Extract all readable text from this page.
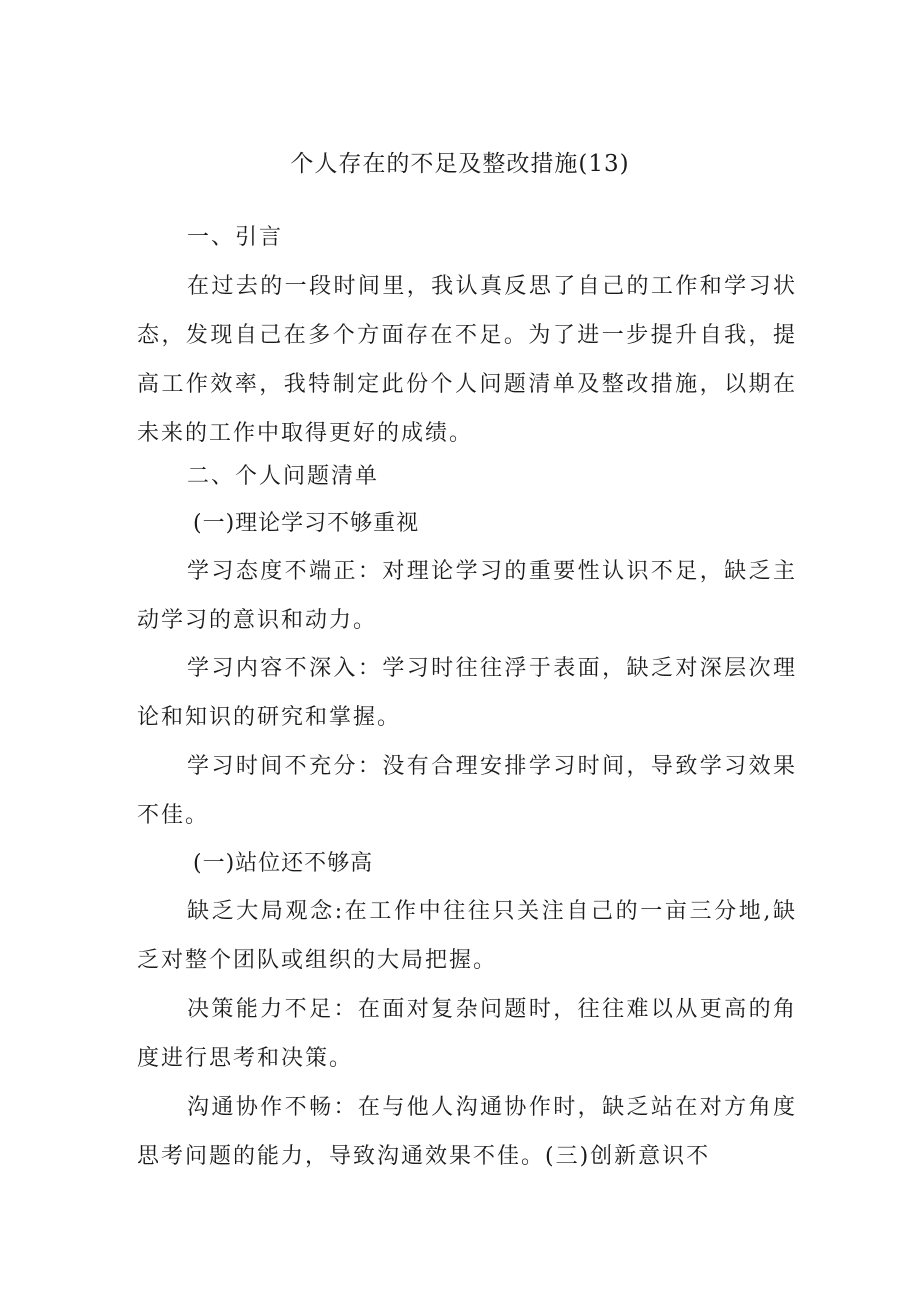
个人存在的不足及整改措施(13)

一、引言

在过去的一段时间里，我认真反思了自己的工作和学习状态，发现自己在多个方面存在不足。为了进一步提升自我，提高工作效率，我特制定此份个人问题清单及整改措施，以期在未来的工作中取得更好的成绩。

二、个人问题清单

(一)理论学习不够重视

学习态度不端正：对理论学习的重要性认识不足，缺乏主动学习的意识和动力。

学习内容不深入：学习时往往浮于表面，缺乏对深层次理论和知识的研究和掌握。

学习时间不充分：没有合理安排学习时间，导致学习效果不佳。

(一)站位还不够高

缺乏大局观念:在工作中往往只关注自己的一亩三分地,缺乏对整个团队或组织的大局把握。

决策能力不足：在面对复杂问题时，往往难以从更高的角度进行思考和决策。

沟通协作不畅：在与他人沟通协作时，缺乏站在对方角度思考问题的能力，导致沟通效果不佳。(三)创新意识不
